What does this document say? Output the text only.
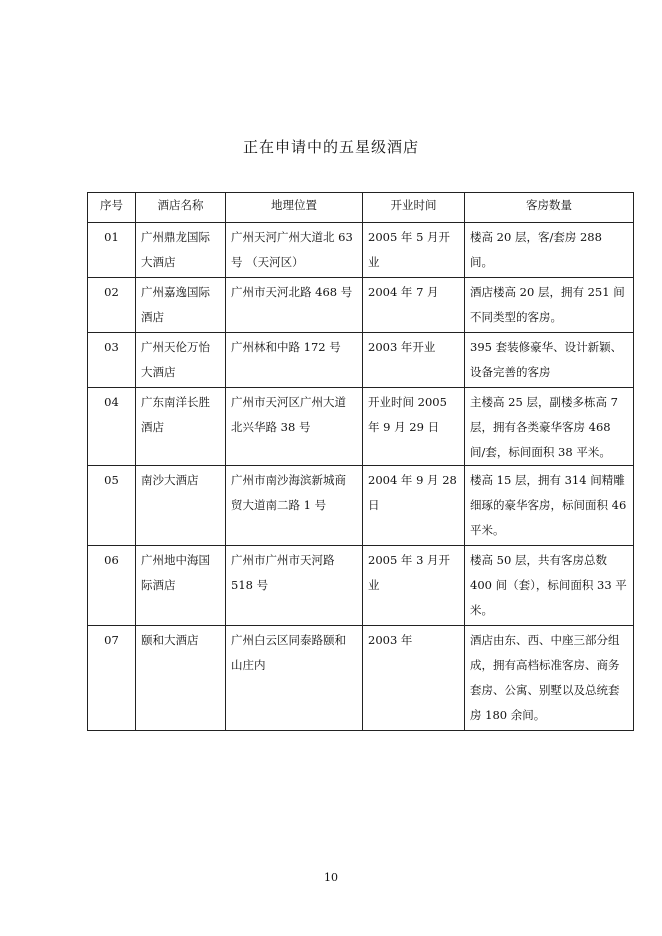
正在申请中的五星级酒店
序号	酒店名称	地理位置	开业时间	客房数量
01	广州鼎龙国际大酒店	广州天河广州大道北 63 号 （天河区）	2005 年 5 月开业	楼高 20 层，客/套房 288 间。
02	广州嘉逸国际酒店	广州市天河北路 468 号	2004 年 7 月	酒店楼高 20 层，拥有 251 间不同类型的客房。
03	广州天伦万怡大酒店	广州林和中路 172 号	2003 年开业	395 套装修豪华、设计新颖、设备完善的客房

04	广东南洋长胜酒店	广州市天河区广州大道北兴华路 38 号	开业时间 2005 年 9 月 29 日	主楼高 25 层，副楼多栋高 7 层，拥有各类豪华客房 468 间/套，标间面积 38 平米。

05	南沙大酒店	广州市南沙海滨新城商贸大道南二路 1 号	2004 年 9 月 28 日	楼高 15 层，拥有 314 间精雕细琢的豪华客房，标间面积 46 平米。
06	广州地中海国际酒店	广州市广州市天河路 518 号	2005 年 3 月开业	楼高 50 层，共有客房总数 400 间（套），标间面积 33 平米。
07	颐和大酒店	广州白云区同泰路颐和山庄内	2003 年	酒店由东、西、中座三部分组成，拥有高档标准客房、商务套房、公寓、别墅以及总统套房 180 余间。
10
